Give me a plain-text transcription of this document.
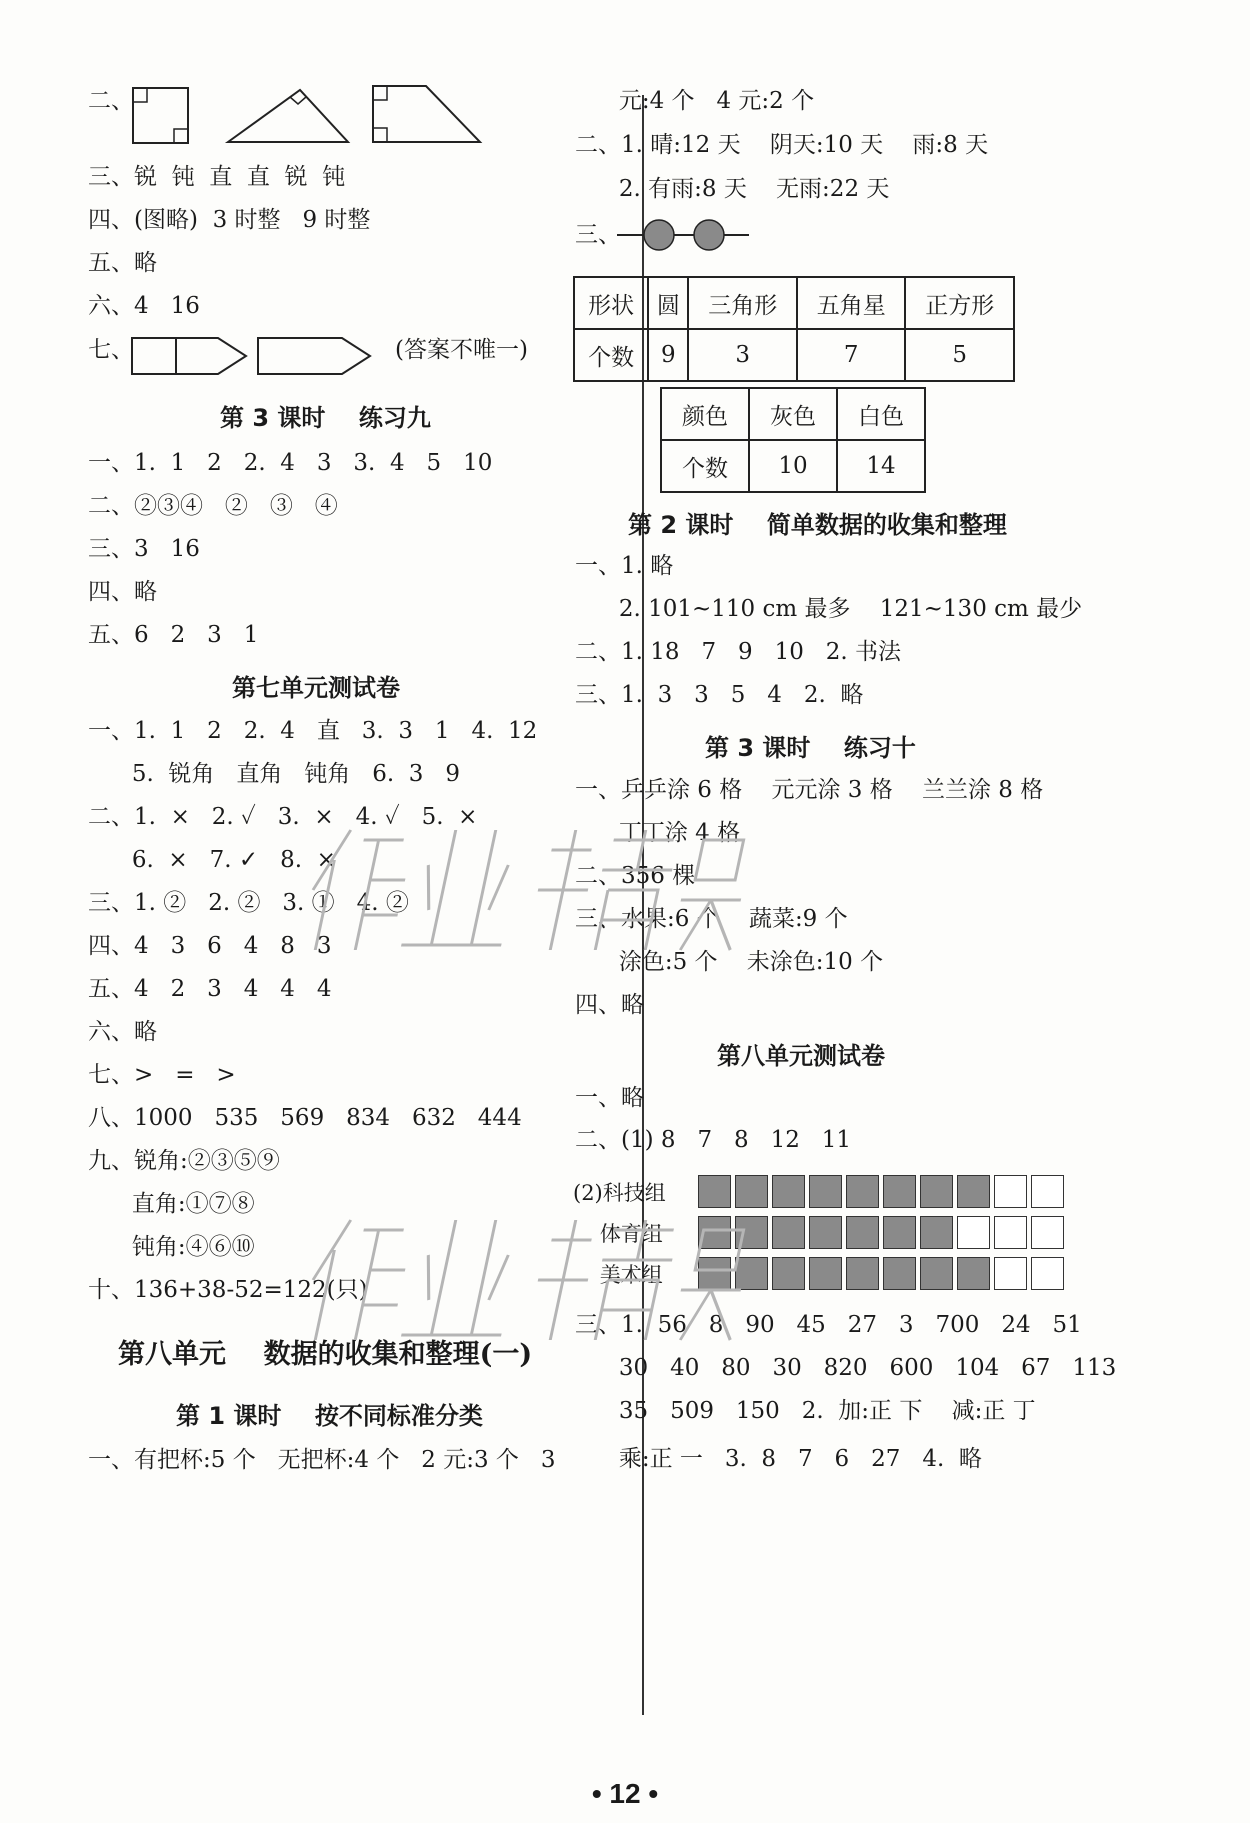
二、
三、锐  钝  直  直  锐  钝
四、(图略)  3 时整   9 时整
五、略
六、4   16
七、	(答案不唯一)
第 3 课时    练习九
一、1.  1   2   2.  4   3   3.  4   5   10
二、②③④   ②   ③   ④
三、3   16
四、略
五、6   2   3   1
第七单元测试卷
一、1.  1   2   2.  4   直   3.  3   1   4.  12
5.  锐角   直角   钝角   6.  3   9
二、1.  ×   2. ✓   3.  ×   4. ✓   5.  ×
6.  ×   7. ✓   8.  ×
三、1. ②   2. ②   3. ①   4. ②
四、4   3   6   4   8   3
五、4   2   3   4   4   4
六、略
七、>   =   >
八、1000   535   569   834   632   444
九、锐角:②③⑤⑨
直角:①⑦⑧
钝角:④⑥⑩
十、136+38-52=122(只)
第八单元    数据的收集和整理(一)
第 1 课时    按不同标准分类
一、有把杯:5 个   无把杯:4 个   2 元:3 个   3
元:4 个   4 元:2 个
二、1. 晴:12 天    阴天:10 天    雨:8 天
2. 有雨:8 天    无雨:22 天
三、
形状	圆	三角形	五角星	正方形
个数	9	3	7	5
颜色	灰色	白色
个数	10	14
第 2 课时    简单数据的收集和整理
一、1. 略
2. 101~110 cm 最多    121~130 cm 最少
二、1. 18   7   9   10   2. 书法
三、1.  3   3   5   4   2.  略
第 3 课时    练习十
一、乒乒涂 6 格    元元涂 3 格    兰兰涂 8 格
丁丁涂 4 格
二、356 棵
三、水果:6 个    蔬菜:9 个
涂色:5 个    未涂色:10 个
四、略
第八单元测试卷
一、略
二、(1) 8   7   8   12   11
(2)科技组
体育组
美术组
三、1.  56   8   90   45   27   3   700   24   51
30   40   80   30   820   600   104   67   113
35   509   150   2.  加:正 下    减:正 丁
乘:正 一   3.  8   7   6   27   4.  略
• 12 •
